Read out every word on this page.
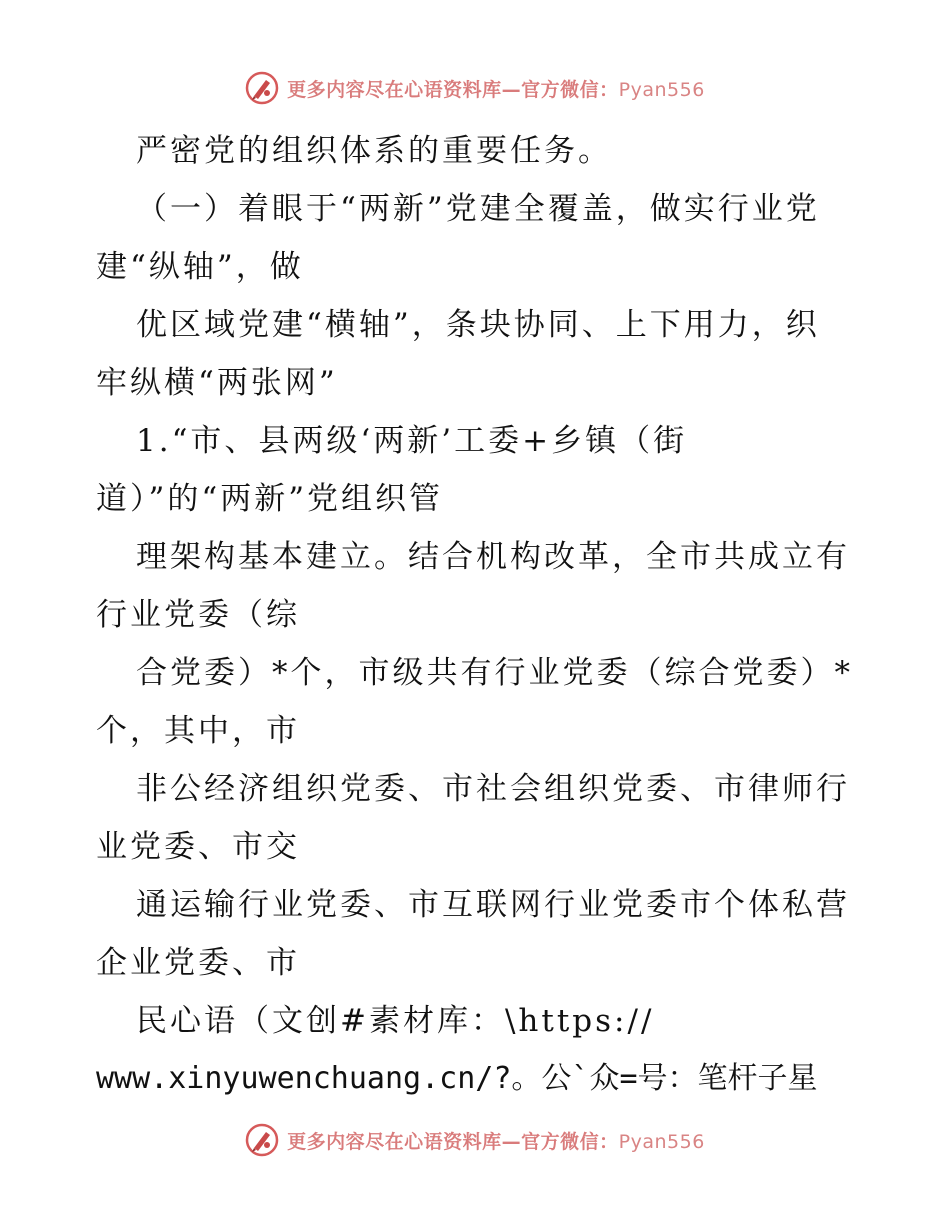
更多内容尽在心语资料库—官方微信：Pyan556
严密党的组织体系的重要任务。
（一）着眼于“两新”党建全覆盖，做实行业党
建“纵轴”，做
优区域党建“横轴”，条块协同、上下用力，织
牢纵横“两张网”
1.“市、县两级‘两新’工委+乡镇（街
道）”的“两新”党组织管
理架构基本建立。结合机构改革，全市共成立有
行业党委（综
合党委）*个，市级共有行业党委（综合党委）*
个，其中，市
非公经济组织党委、市社会组织党委、市律师行
业党委、市交
通运输行业党委、市互联网行业党委市个体私营
企业党委、市
民心语（文创#素材库：\https://
www.xinyuwenchuang.cn/?。公`众=号：笔杆子星
更多内容尽在心语资料库—官方微信：Pyan556
